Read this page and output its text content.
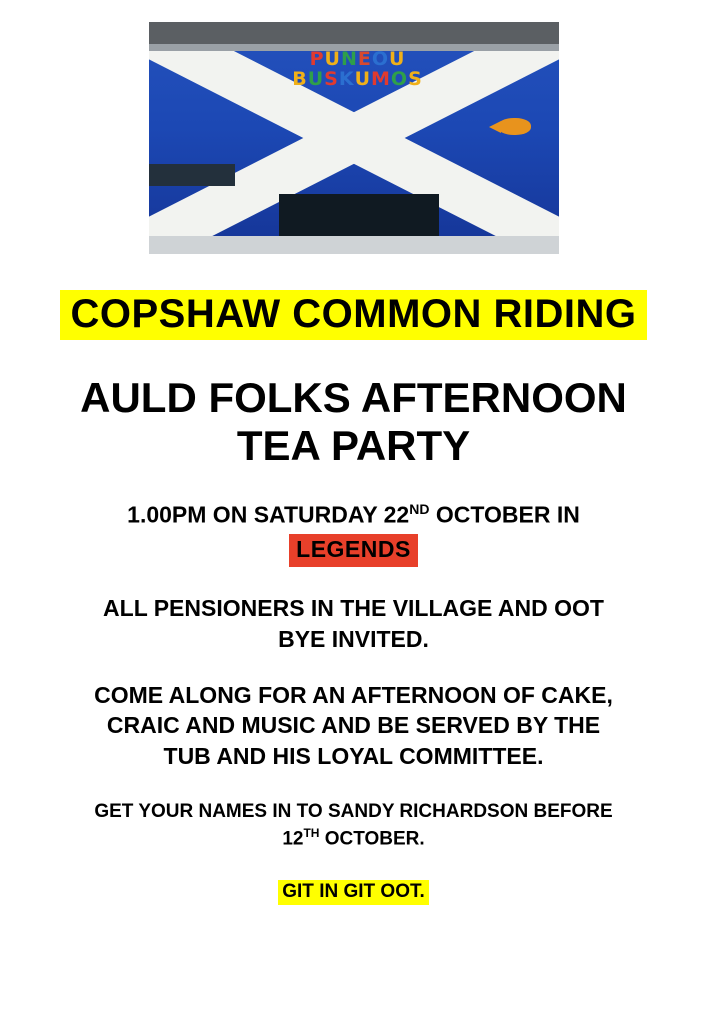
PUNEOU
BUSKUMOS
COPSHAW COMMON RIDING
AULD FOLKS AFTERNOON
TEA PARTY
1.00PM ON SATURDAY 22ND OCTOBER IN
LEGENDS
ALL PENSIONERS IN THE VILLAGE AND OOT
BYE INVITED.
COME ALONG FOR AN AFTERNOON OF CAKE,
CRAIC AND MUSIC AND BE SERVED BY THE
TUB AND HIS LOYAL COMMITTEE.
GET YOUR NAMES IN TO SANDY RICHARDSON BEFORE
12TH OCTOBER.
GIT IN GIT OOT.
